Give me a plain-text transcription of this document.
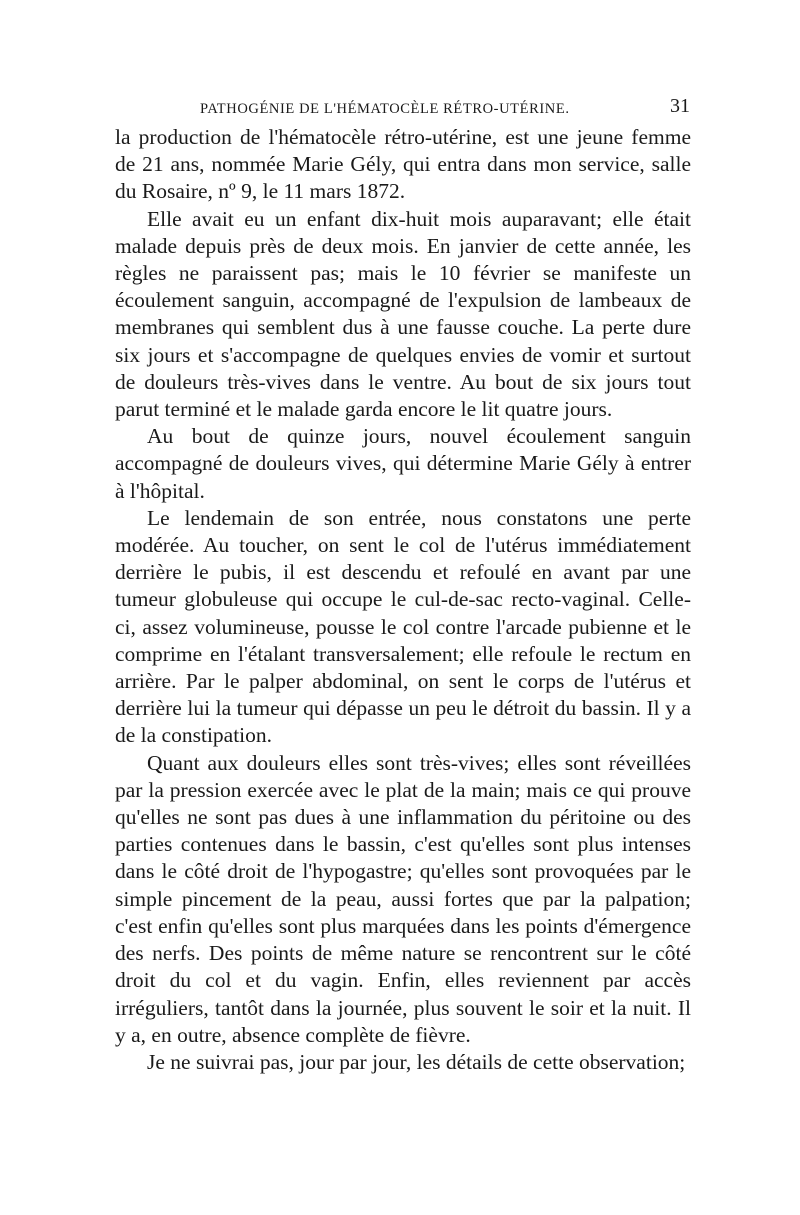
PATHOGÉNIE DE L'HÉMATOCÈLE RÉTRO-UTÉRINE.	31

la production de l'hématocèle rétro-utérine, est une jeune femme de 21 ans, nommée Marie Gély, qui entra dans mon service, salle du Rosaire, nº 9, le 11 mars 1872.

Elle avait eu un enfant dix-huit mois auparavant; elle était malade depuis près de deux mois. En janvier de cette année, les règles ne paraissent pas; mais le 10 février se manifeste un écoulement sanguin, accompagné de l'expulsion de lambeaux de membranes qui semblent dus à une fausse couche. La perte dure six jours et s'accompagne de quelques envies de vomir et surtout de douleurs très-vives dans le ventre. Au bout de six jours tout parut terminé et le malade garda encore le lit quatre jours.

Au bout de quinze jours, nouvel écoulement sanguin accompagné de douleurs vives, qui détermine Marie Gély à entrer à l'hôpital.

Le lendemain de son entrée, nous constatons une perte modérée. Au toucher, on sent le col de l'utérus immédiatement derrière le pubis, il est descendu et refoulé en avant par une tumeur globuleuse qui occupe le cul-de-sac recto-vaginal. Celle-ci, assez volumineuse, pousse le col contre l'arcade pubienne et le comprime en l'étalant transversalement; elle refoule le rectum en arrière. Par le palper abdominal, on sent le corps de l'utérus et derrière lui la tumeur qui dépasse un peu le détroit du bassin. Il y a de la constipation.

Quant aux douleurs elles sont très-vives; elles sont réveillées par la pression exercée avec le plat de la main; mais ce qui prouve qu'elles ne sont pas dues à une inflammation du péritoine ou des parties contenues dans le bassin, c'est qu'elles sont plus intenses dans le côté droit de l'hypogastre; qu'elles sont provoquées par le simple pincement de la peau, aussi fortes que par la palpation; c'est enfin qu'elles sont plus marquées dans les points d'émergence des nerfs. Des points de même nature se rencontrent sur le côté droit du col et du vagin. Enfin, elles reviennent par accès irréguliers, tantôt dans la journée, plus souvent le soir et la nuit. Il y a, en outre, absence complète de fièvre.

Je ne suivrai pas, jour par jour, les détails de cette observation;
